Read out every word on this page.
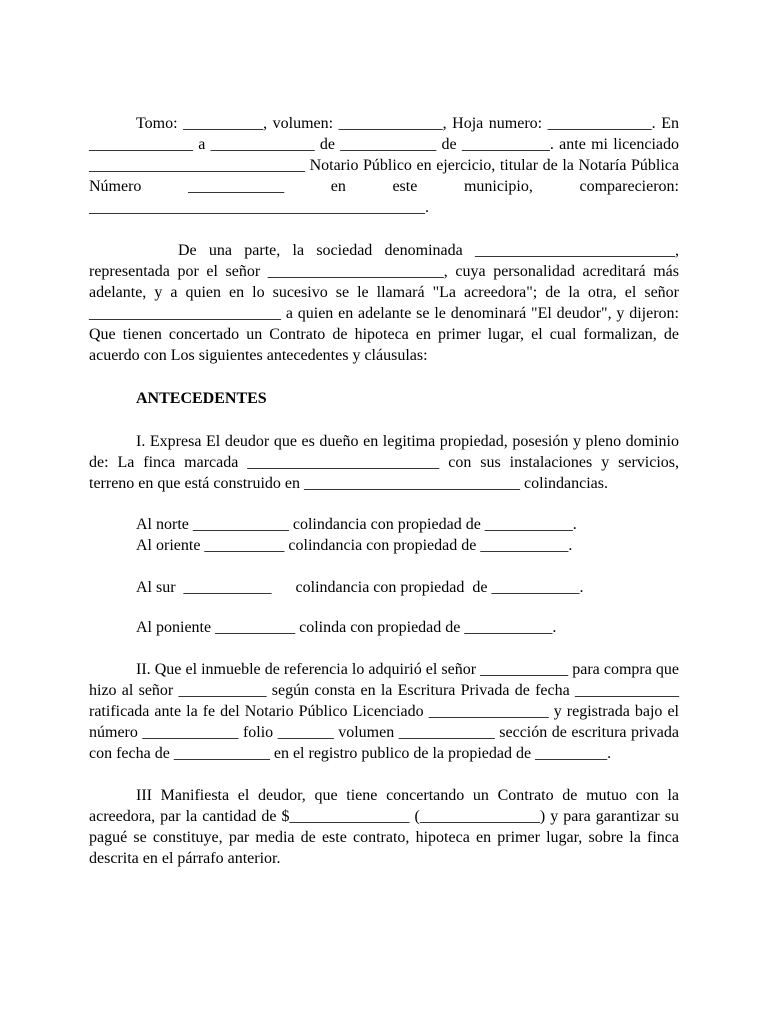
Tomo: __________, volumen: _____________, Hoja numero: _____________. En _____________ a _____________ de ____________ de ___________. ante mi licenciado ___________________________ Notario Público en ejercicio, titular de la Notaría Pública Número ____________ en este municipio, comparecieron: __________________________________________.

De una parte, la sociedad denominada _________________________, representada por el señor ______________________, cuya personalidad acreditará más adelante, y a quien en lo sucesivo se le llamará "La acreedora"; de la otra, el señor ________________________ a quien en adelante se le denominará "El deudor", y dijeron: Que tienen concertado un Contrato de hipoteca en primer lugar, el cual formalizan, de acuerdo con Los siguientes antecedentes y cláusulas:

ANTECEDENTES

I. Expresa El deudor que es dueño en legitima propiedad, posesión y pleno dominio de: La finca marcada ________________________ con sus instalaciones y servicios, terreno en que está construido en ___________________________ colindancias.

Al norte ____________ colindancia con propiedad de ___________.

Al oriente __________ colindancia con propiedad de ___________.

Al sur  ___________      colindancia con propiedad  de ___________.

Al poniente __________ colinda con propiedad de ___________.

II. Que el inmueble de referencia lo adquirió el señor ___________ para compra que hizo al señor ___________ según consta en la Escritura Privada de fecha _____________ ratificada ante la fe del Notario Público Licenciado _______________ y registrada bajo el número ____________ folio _______ volumen ____________ sección de escritura privada con fecha de ____________ en el registro publico de la propiedad de _________.

III Manifiesta el deudor, que tiene concertando un Contrato de mutuo con la acreedora, par la cantidad de $_______________ (_______________) y para garantizar su pagué se constituye, par media de este contrato, hipoteca en primer lugar, sobre la finca descrita en el párrafo anterior.
